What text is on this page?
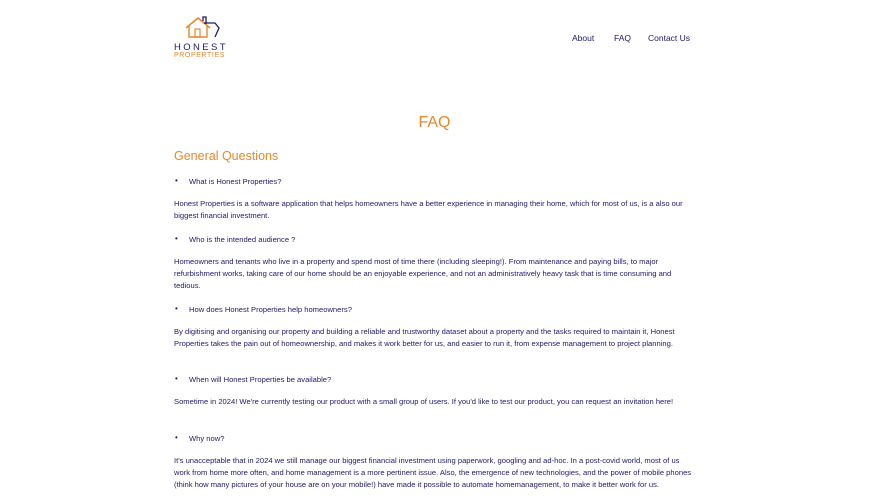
HONEST
PROPERTIES
About FAQ Contact Us
FAQ
General Questions
• What is Honest Properties?
Honest Properties is a software application that helps homeowners have a better experience in managing their home, which for most of us, is a also our biggest financial investment.
• Who is the intended audience ?
Homeowners and tenants who live in a property and spend most of time there (including sleeping!). From maintenance and paying bills, to major refurbishment works, taking care of our home should be an enjoyable experience, and not an administratively heavy task that is time consuming and tedious.
• How does Honest Properties help homeowners?
By digitising and organising our property and building a reliable and trustworthy dataset about a property and the tasks required to maintain it, Honest Properties takes the pain out of homeownership, and makes it work better for us, and easier to run it, from expense management to project planning.
• When will Honest Properties be available?
Sometime in 2024! We're currently testing our product with a small group of users. If you'd like to test our product, you can request an invitation here!
• Why now?
It's unacceptable that in 2024 we still manage our biggest financial investment using paperwork, googling and ad-hoc. In a post-covid world, most of us work from home more often, and home management is a more pertinent issue. Also, the emergence of new technologies, and the power of mobile phones (think how many pictures of your house are on your mobile!) have made it possible to automate homemanagement, to make it better work for us.
